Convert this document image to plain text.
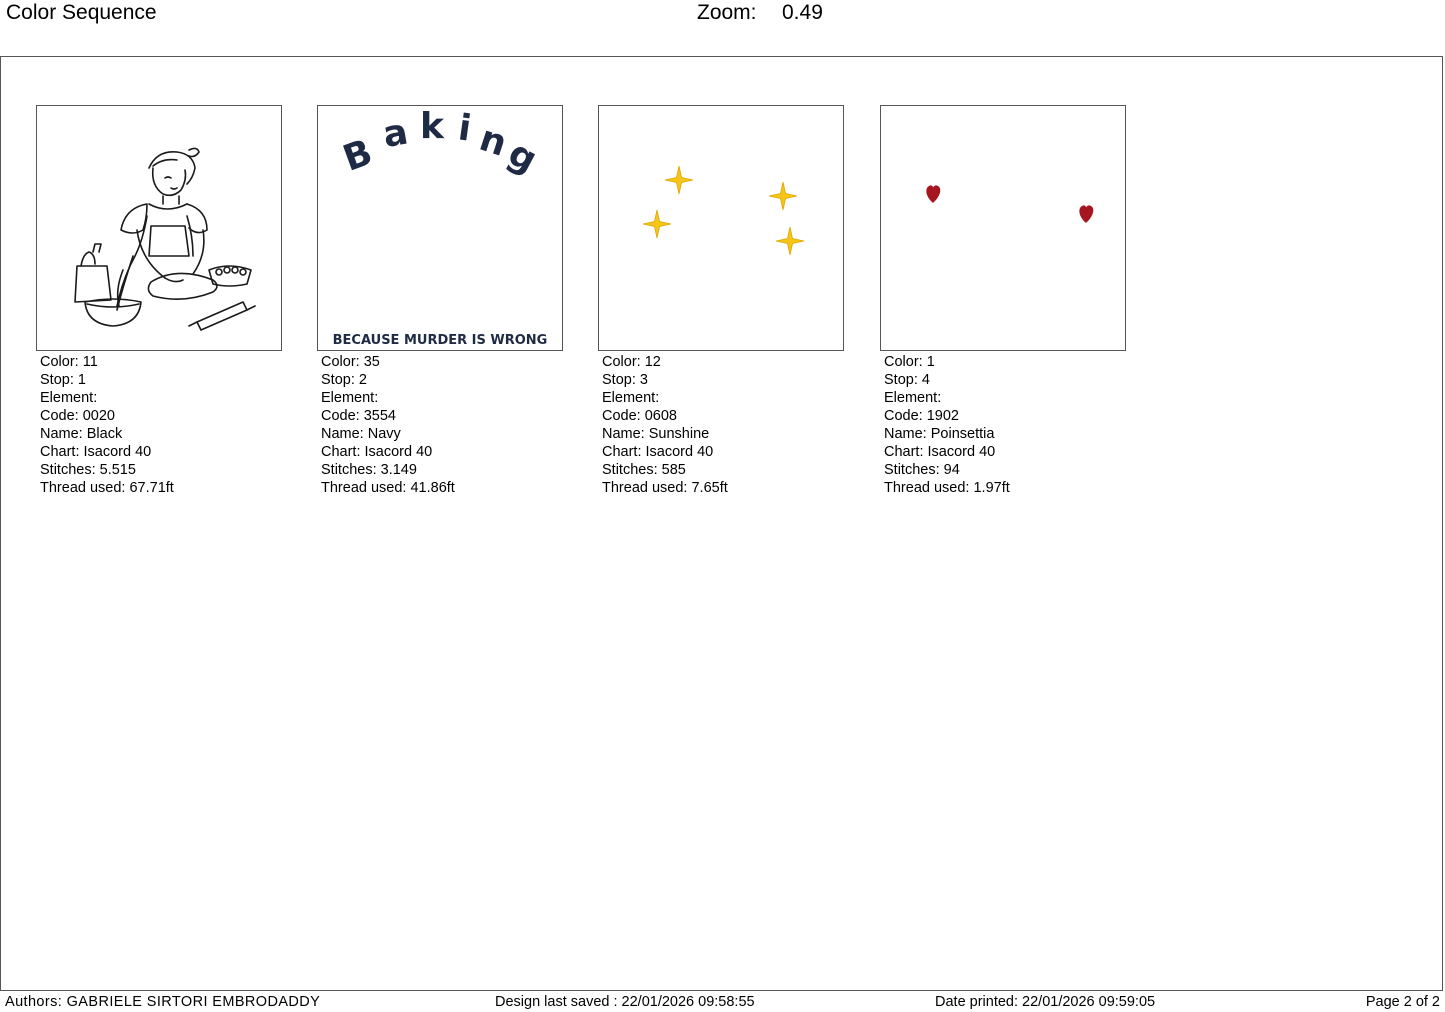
Color Sequence	Zoom: 0.49
Color: 11
Stop: 1
Element:
Code: 0020
Name: Black
Chart: Isacord 40
Stitches: 5.515
Thread used: 67.71ft
B a k i n
g
BECAUSE MURDER IS WRONG
Color: 35
Stop: 2
Element:
Code: 3554
Name: Navy
Chart: Isacord 40
Stitches: 3.149
Thread used: 41.86ft
Color: 12
Stop: 3
Element:
Code: 0608
Name: Sunshine
Chart: Isacord 40
Stitches: 585
Thread used: 7.65ft
Color: 1
Stop: 4
Element:
Code: 1902
Name: Poinsettia
Chart: Isacord 40
Stitches: 94
Thread used: 1.97ft
Authors: GABRIELE SIRTORI EMBRODADDY	Design last saved : 22/01/2026 09:58:55	Date printed: 22/01/2026 09:59:05	Page 2 of 2
